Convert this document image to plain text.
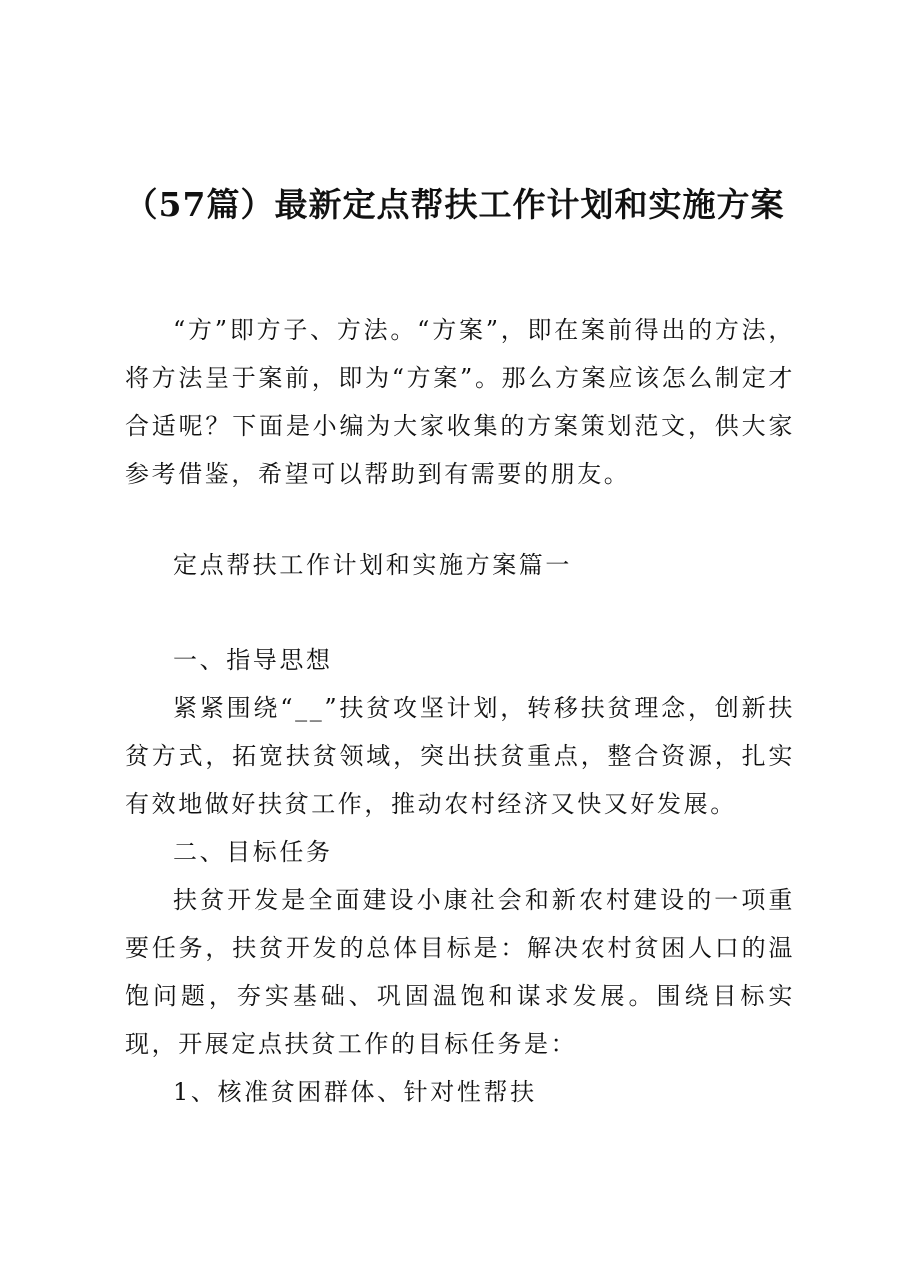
（57篇）最新定点帮扶工作计划和实施方案
“方”即方子、方法。“方案”，即在案前得出的方法，将方法呈于案前，即为“方案”。那么方案应该怎么制定才合适呢？下面是小编为大家收集的方案策划范文，供大家参考借鉴，希望可以帮助到有需要的朋友。
定点帮扶工作计划和实施方案篇一
一、指导思想
紧紧围绕“__”扶贫攻坚计划，转移扶贫理念，创新扶贫方式，拓宽扶贫领域，突出扶贫重点，整合资源，扎实有效地做好扶贫工作，推动农村经济又快又好发展。
二、目标任务
扶贫开发是全面建设小康社会和新农村建设的一项重要任务，扶贫开发的总体目标是：解决农村贫困人口的温饱问题，夯实基础、巩固温饱和谋求发展。围绕目标实现，开展定点扶贫工作的目标任务是：
1、核准贫困群体、针对性帮扶
